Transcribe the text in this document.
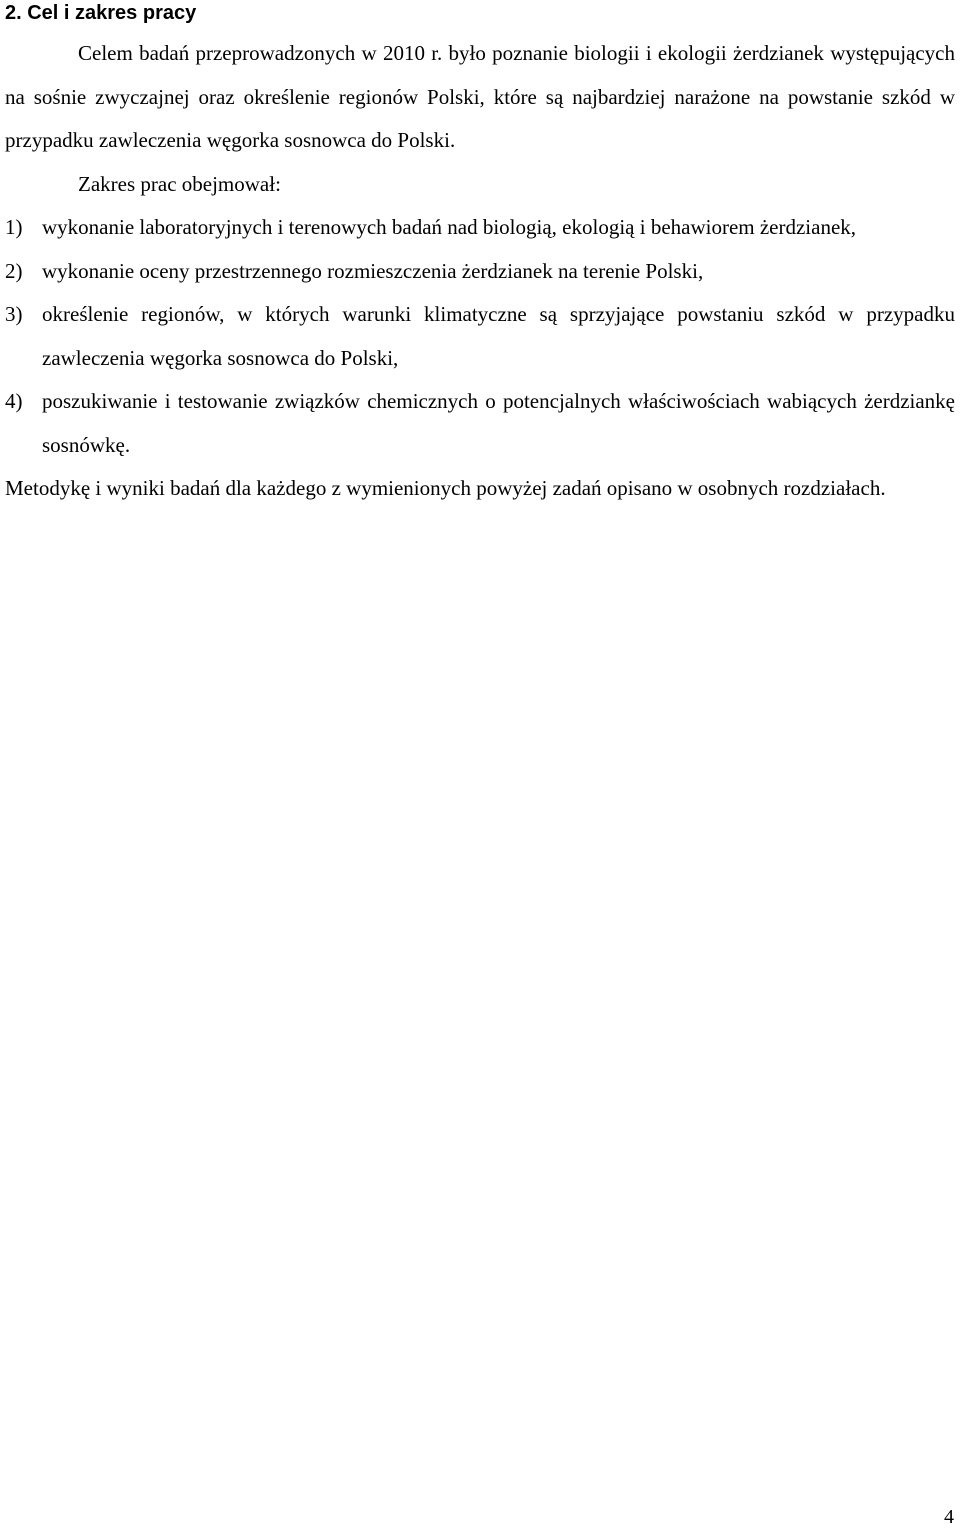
2. Cel i zakres pracy

Celem badań przeprowadzonych w 2010 r. było poznanie biologii i ekologii żerdzianek występujących na sośnie zwyczajnej oraz określenie regionów Polski, które są najbardziej narażone na powstanie szkód w przypadku zawleczenia węgorka sosnowca do Polski.

Zakres prac obejmował:

1) wykonanie laboratoryjnych i terenowych badań nad biologią, ekologią i behawiorem żerdzianek,
2) wykonanie oceny przestrzennego rozmieszczenia żerdzianek na terenie Polski,
3) określenie regionów, w których warunki klimatyczne są sprzyjające powstaniu szkód w przypadku zawleczenia węgorka sosnowca do Polski,
4) poszukiwanie i testowanie związków chemicznych o potencjalnych właściwościach wabiących żerdziankę sosnówkę.

Metodykę i wyniki badań dla każdego z wymienionych powyżej zadań opisano w osobnych rozdziałach.

4
